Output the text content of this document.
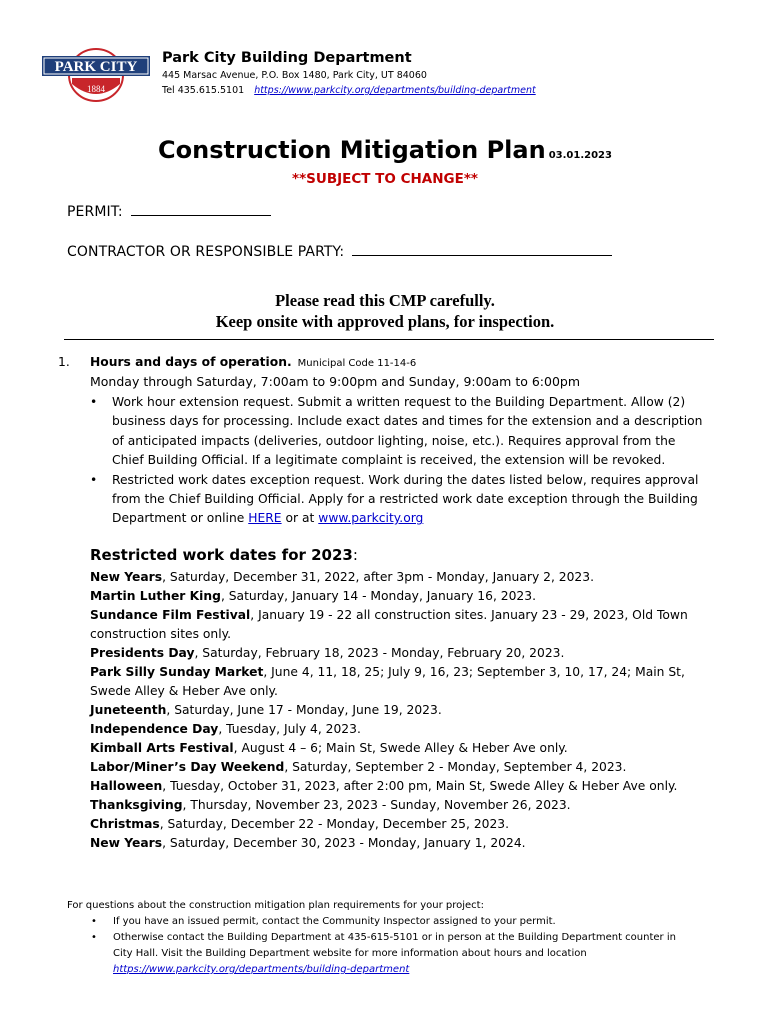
PARK CITY
1884
Park City Building Department
445 Marsac Avenue, P.O. Box 1480, Park City, UT 84060
Tel 435.615.5101 https://www.parkcity.org/departments/building-department
Construction Mitigation Plan 03.01.2023
**SUBJECT TO CHANGE**
PERMIT:
CONTRACTOR OR RESPONSIBLE PARTY:
Please read this CMP carefully.
Keep onsite with approved plans, for inspection.
1. Hours and days of operation. Municipal Code 11-14-6
Monday through Saturday, 7:00am to 9:00pm and Sunday, 9:00am to 6:00pm
• Work hour extension request. Submit a written request to the Building Department. Allow (2) business days for processing. Include exact dates and times for the extension and a description of anticipated impacts (deliveries, outdoor lighting, noise, etc.). Requires approval from the Chief Building Official. If a legitimate complaint is received, the extension will be revoked.
• Restricted work dates exception request. Work during the dates listed below, requires approval from the Chief Building Official. Apply for a restricted work date exception through the Building Department or online HERE or at www.parkcity.org
Restricted work dates for 2023:
New Years, Saturday, December 31, 2022, after 3pm - Monday, January 2, 2023.
Martin Luther King, Saturday, January 14 - Monday, January 16, 2023.
Sundance Film Festival, January 19 - 22 all construction sites. January 23 - 29, 2023, Old Town construction sites only.
Presidents Day, Saturday, February 18, 2023 - Monday, February 20, 2023.
Park Silly Sunday Market, June 4, 11, 18, 25; July 9, 16, 23; September 3, 10, 17, 24; Main St, Swede Alley & Heber Ave only.
Juneteenth, Saturday, June 17 - Monday, June 19, 2023.
Independence Day, Tuesday, July 4, 2023.
Kimball Arts Festival, August 4 – 6; Main St, Swede Alley & Heber Ave only.
Labor/Miner’s Day Weekend, Saturday, September 2 - Monday, September 4, 2023.
Halloween, Tuesday, October 31, 2023, after 2:00 pm, Main St, Swede Alley & Heber Ave only.
Thanksgiving, Thursday, November 23, 2023 - Sunday, November 26, 2023.
Christmas, Saturday, December 22 - Monday, December 25, 2023.
New Years, Saturday, December 30, 2023 - Monday, January 1, 2024.
For questions about the construction mitigation plan requirements for your project:
• If you have an issued permit, contact the Community Inspector assigned to your permit.
• Otherwise contact the Building Department at 435-615-5101 or in person at the Building Department counter in City Hall. Visit the Building Department website for more information about hours and location
https://www.parkcity.org/departments/building-department
